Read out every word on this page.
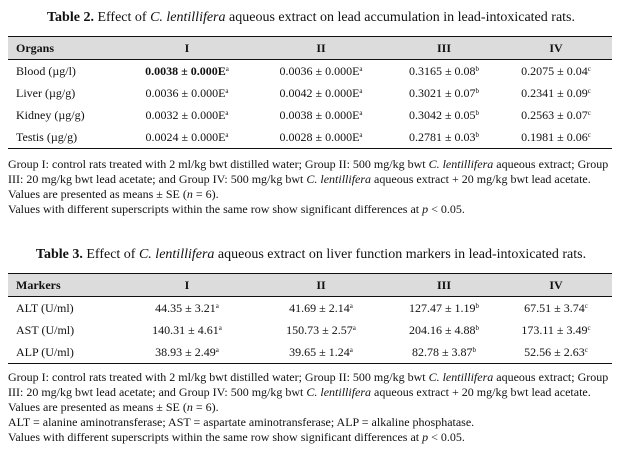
Table 2. Effect of C. lentillifera aqueous extract on lead accumulation in lead-intoxicated rats.
Organs	I	II	III	IV
Blood (µg/l)	$0.0038 \pm 0.000E^a$	$0.0036 \pm 0.000E^a$	0.3165 ± 0.08$^b$	0.2075 ± 0.04$^c$
Liver (µg/g)	$0.0036 \pm 0.000E^a$	$0.0042 \pm 0.000E^a$	0.3021 ± 0.07$^b$	0.2341 ± 0.09$^c$
Kidney (µg/g)	$0.0032 \pm 0.000E^a$	$0.0038 \pm 0.000E^a$	0.3042 ± 0.05$^b$	0.2563 ± 0.07$^c$
Testis (µg/g)	$0.0024 \pm 0.000E^a$	$0.0028 \pm 0.000E^a$	0.2781 ± 0.03$^b$	0.1981 ± 0.06$^c$

Group I: control rats treated with 2 ml/kg bwt distilled water; Group II: 500 mg/kg bwt C. lentillifera aqueous extract; Group III: 20 mg/kg bwt lead acetate; and Group IV: 500 mg/kg bwt C. lentillifera aqueous extract + 20 mg/kg bwt lead acetate. Values are presented as means ± SE (n = 6).

Values with different superscripts within the same row show significant differences at p < 0.05.

Table 3. Effect of C. lentillifera aqueous extract on liver function markers in lead-intoxicated rats.
Markers	I	II	III	IV
ALT (U/ml)	44.35 ± 3.21$^a$	41.69 ± 2.14$^a$	127.47 ± 1.19$^b$	67.51 ± 3.74$^c$
AST (U/ml)	140.31 ± 4.61$^a$	150.73 ± 2.57$^a$	204.16 ± 4.88$^b$	173.11 ± 3.49$^c$
ALP (U/ml)	38.93 ± 2.49$^a$	39.65 ± 1.24$^a$	82.78 ± 3.87$^b$	52.56 ± 2.63$^c$

Group I: control rats treated with 2 ml/kg bwt distilled water; Group II: 500 mg/kg bwt C. lentillifera aqueous extract; Group III: 20 mg/kg bwt lead acetate; and Group IV: 500 mg/kg bwt C. lentillifera aqueous extract + 20 mg/kg bwt lead acetate. Values are presented as means ± SE (n = 6).

ALT = alanine aminotransferase; AST = aspartate aminotransferase; ALP = alkaline phosphatase.

Values with different superscripts within the same row show significant differences at p < 0.05.
